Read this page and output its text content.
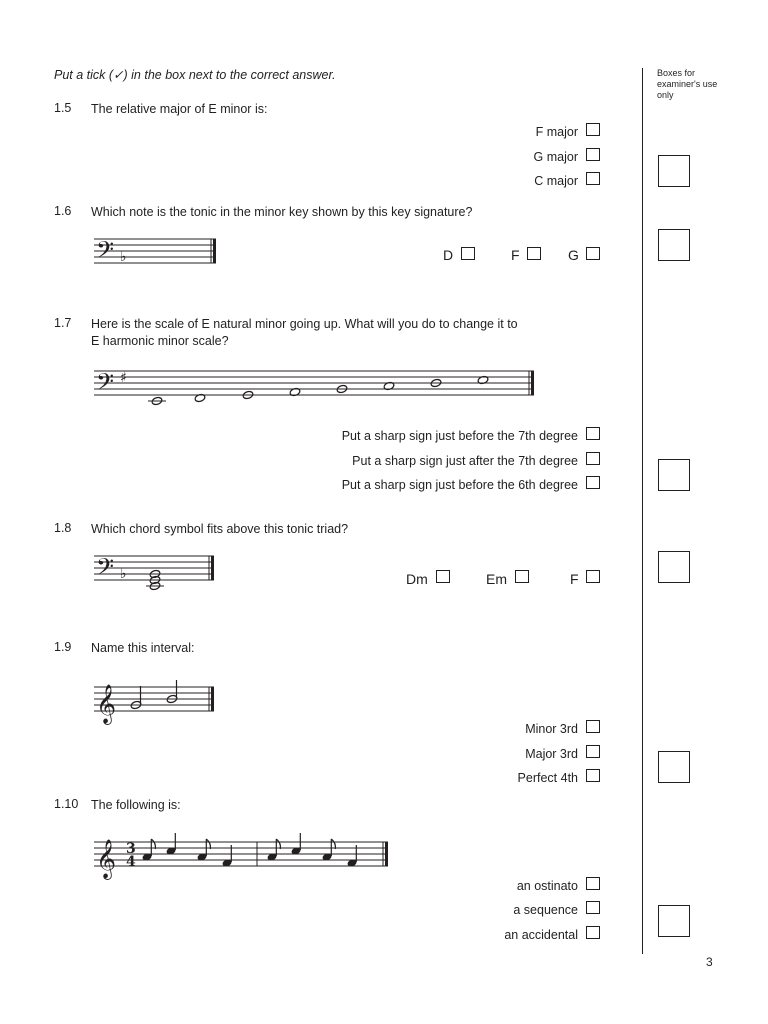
Put a tick (✓) in the box next to the correct answer.	Boxes for examiner's use only
1.5 The relative major of E minor is:
F major
G major
C major
1.6 Which note is the tonic in the minor key shown by this key signature?
𝄢 ♭	D	F	G
1.7 Here is the scale of E natural minor going up. What will you do to change it to
E harmonic minor scale?
𝄢 ♯
Put a sharp sign just before the 7th degree
Put a sharp sign just after the 7th degree
Put a sharp sign just before the 6th degree
1.8 Which chord symbol fits above this tonic triad?
𝄢 ♭	Dm	Em	F
1.9 Name this interval:
𝄞
Minor 3rd
Major 3rd
Perfect 4th
1.10 The following is:
𝄞 3
4
an ostinato
a sequence
an accidental
3
